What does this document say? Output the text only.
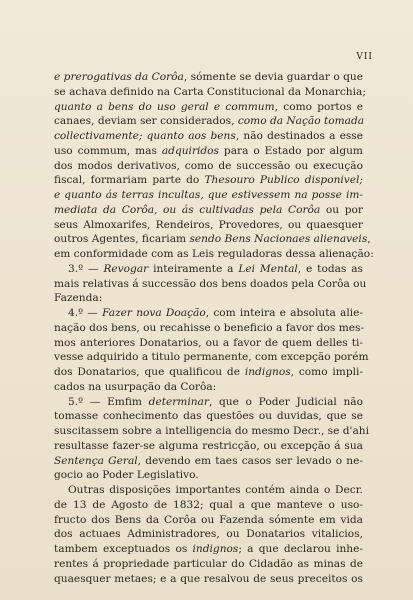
VII

e prerogativas da Corôa, sómente se devia guardar o que

se achava definido na Carta Constitucional da Monarchia;

quanto a bens do uso geral e commum, como portos e

canaes, deviam ser considerados, como da Nação tomada

collectivamente; quanto aos bens, não destinados a esse

uso commum, mas adquiridos para o Estado por algum

dos modos derivativos, como de successão ou execução

fiscal, formariam parte do Thesouro Publico disponivel;

e quanto ás terras incultas, que estivessem na posse im-

mediata da Corôa, ou ás cultivadas pela Corôa ou por

seus Almoxarifes, Rendeiros, Provedores, ou quaesquer

outros Agentes, ficariam sendo Bens Nacionaes alienaveis,

em conformidade com as Leis reguladoras dessa alienação:

3.º — Revogar inteiramente a Lei Mental, e todas as

mais relativas á successão dos bens doados pela Corôa ou

Fazenda:

4.º — Fazer nova Doação, com inteira e absoluta alie-

nação dos bens, ou recahisse o beneficio a favor dos mes-

mos anteriores Donatarios, ou a favor de quem delles ti-

vesse adquirido a titulo permanente, com excepção porém

dos Donatarios, que qualificou de indignos, como impli-

cados na usurpação da Corôa:

5.º — Emfim determinar, que o Poder Judicial não

tomasse conhecimento das questões ou duvidas, que se

suscitassem sobre a intelligencia do mesmo Decr., se d'ahi

resultasse fazer-se alguma restricção, ou excepção á sua

Sentença Geral, devendo em taes casos ser levado o ne-

gocio ao Poder Legislativo.

Outras disposições importantes contém ainda o Decr.

de 13 de Agosto de 1832; qual a que manteve o uso-

fructo dos Bens da Corôa ou Fazenda sómente em vida

dos actuaes Administradores, ou Donatarios vitalicios,

tambem exceptuados os indignos; a que declarou inhe-

rentes á propriedade particular do Cidadão as minas de

quaesquer metaes; e a que resalvou de seus preceitos os
